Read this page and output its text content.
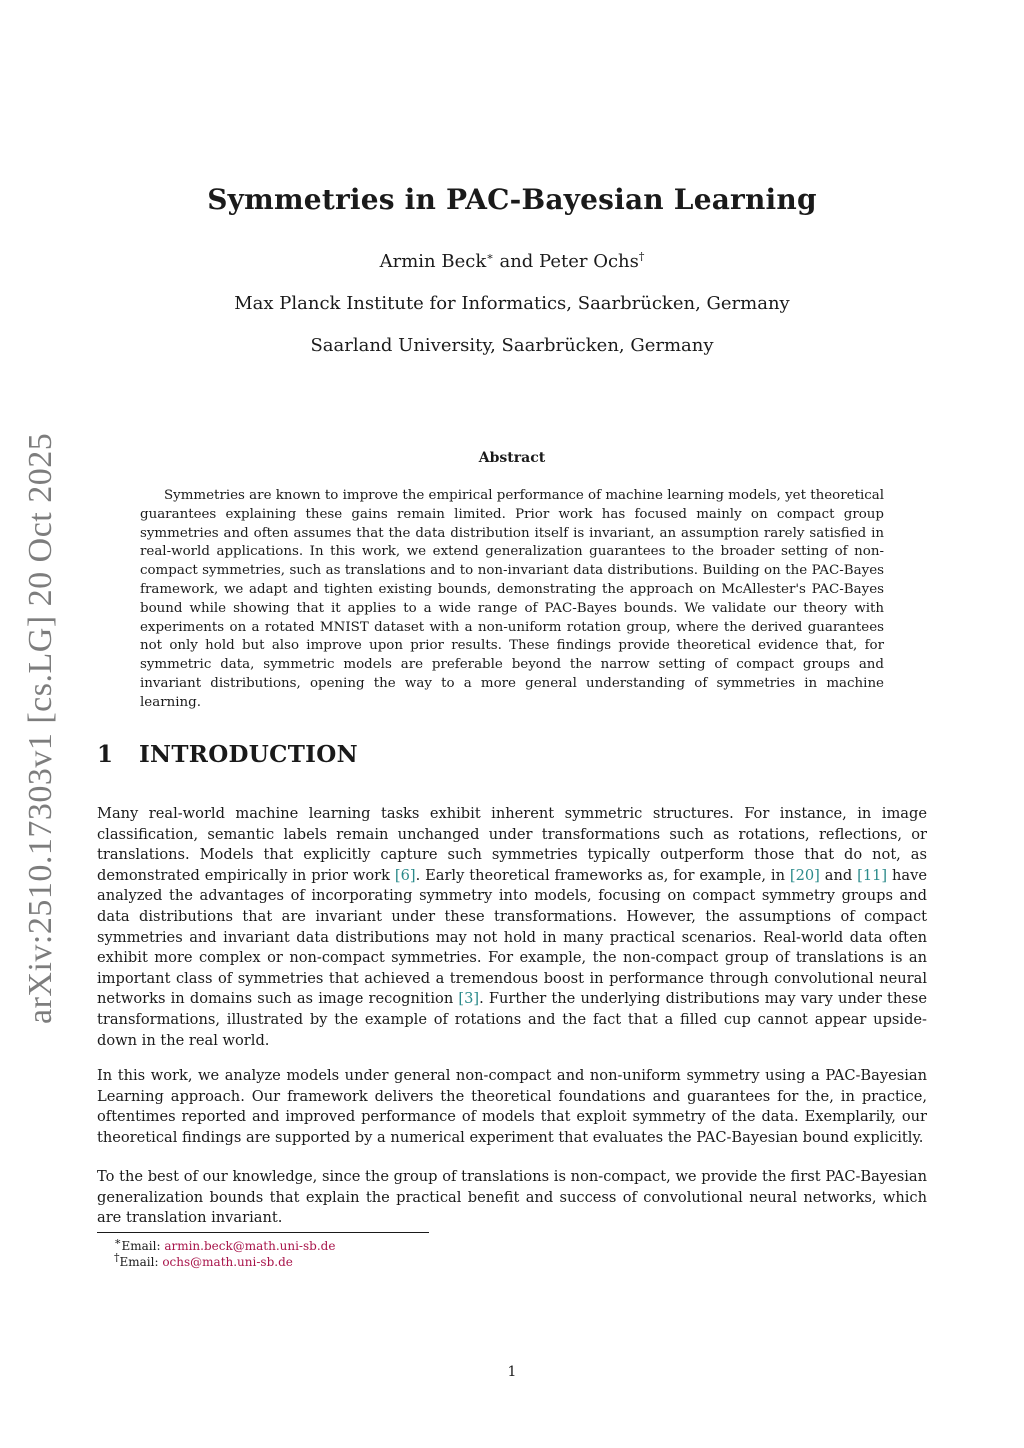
arXiv:2510.17303v1 [cs.LG] 20 Oct 2025
Symmetries in PAC-Bayesian Learning
Armin Beck∗ and Peter Ochs†
Max Planck Institute for Informatics, Saarbrücken, Germany
Saarland University, Saarbrücken, Germany
Abstract
Symmetries are known to improve the empirical performance of machine learning models, yet theoretical guarantees explaining these gains remain limited. Prior work has focused mainly on compact group symmetries and often assumes that the data distribution itself is invariant, an assumption rarely satisfied in real-world applications. In this work, we extend generalization guarantees to the broader setting of non-compact symmetries, such as translations and to non-invariant data distributions. Building on the PAC-Bayes framework, we adapt and tighten existing bounds, demonstrating the approach on McAllester's PAC-Bayes bound while showing that it applies to a wide range of PAC-Bayes bounds. We validate our theory with experiments on a rotated MNIST dataset with a non-uniform rotation group, where the derived guarantees not only hold but also improve upon prior results. These findings provide theoretical evidence that, for symmetric data, symmetric models are preferable beyond the narrow setting of compact groups and invariant distributions, opening the way to a more general understanding of symmetries in machine learning.
1 INTRODUCTION
Many real-world machine learning tasks exhibit inherent symmetric structures. For instance, in image classification, semantic labels remain unchanged under transformations such as rotations, reflections, or translations. Models that explicitly capture such symmetries typically outperform those that do not, as demonstrated empirically in prior work [6]. Early theoretical frameworks as, for example, in [20] and [11] have analyzed the advantages of incorporating symmetry into models, focusing on compact symmetry groups and data distributions that are invariant under these transformations. However, the assumptions of compact symmetries and invariant data distributions may not hold in many practical scenarios. Real-world data often exhibit more complex or non-compact symmetries. For example, the non-compact group of translations is an important class of symmetries that achieved a tremendous boost in performance through convolutional neural networks in domains such as image recognition [3]. Further the underlying distributions may vary under these transformations, illustrated by the example of rotations and the fact that a filled cup cannot appear upside-down in the real world.
In this work, we analyze models under general non-compact and non-uniform symmetry using a PAC-Bayesian Learning approach. Our framework delivers the theoretical foundations and guarantees for the, in practice, oftentimes reported and improved performance of models that exploit symmetry of the data. Exemplarily, our theoretical findings are supported by a numerical experiment that evaluates the PAC-Bayesian bound explicitly.
To the best of our knowledge, since the group of translations is non-compact, we provide the first PAC-Bayesian generalization bounds that explain the practical benefit and success of convolutional neural networks, which are translation invariant.
∗Email: armin.beck@math.uni-sb.de
†Email: ochs@math.uni-sb.de
1
